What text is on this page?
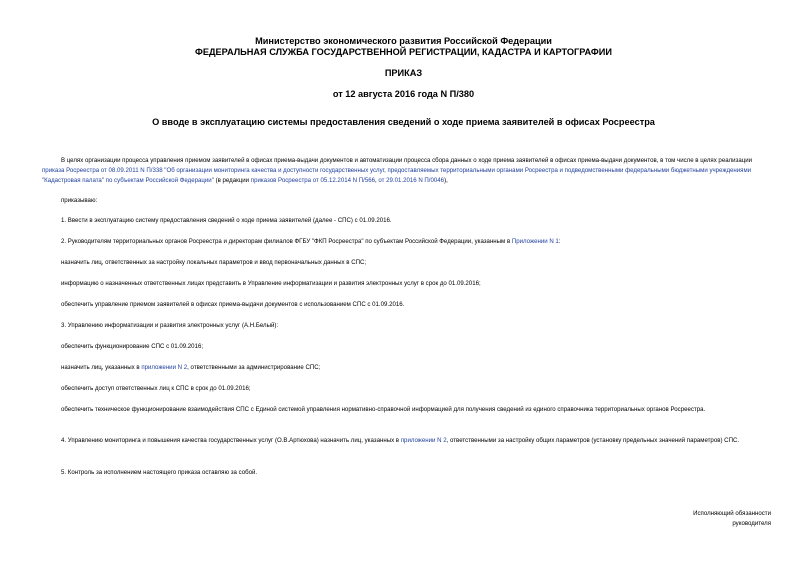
Министерство экономического развития Российской Федерации
ФЕДЕРАЛЬНАЯ СЛУЖБА ГОСУДАРСТВЕННОЙ РЕГИСТРАЦИИ, КАДАСТРА И КАРТОГРАФИИ
ПРИКАЗ
от 12 августа 2016 года N П/380
О вводе в эксплуатацию системы предоставления сведений о ходе приема заявителей в офисах Росреестра
В целях организации процесса управления приемом заявителей в офисах приема-выдачи документов и автоматизации процесса сбора данных о ходе приема заявителей в офисах приема-выдачи документов, в том числе в целях реализации приказа Росреестра от 08.09.2011 N П/338 "Об организации мониторинга качества и доступности государственных услуг, предоставляемых территориальными органами Росреестра и подведомственными федеральными бюджетными учреждениями "Кадастровая палата" по субъектам Российской Федерации" (в редакции приказов Росреестра от 05.12.2014 N П/566, от 29.01.2016 N П/0046),
приказываю:
1. Ввести в эксплуатацию систему предоставления сведений о ходе приема заявителей (далее - СПС) с 01.09.2016.
2. Руководителям территориальных органов Росреестра и директорам филиалов ФГБУ "ФКП Росреестра" по субъектам Российской Федерации, указанным в Приложении N 1:
назначить лиц, ответственных за настройку локальных параметров и ввод первоначальных данных в СПС;
информацию о назначенных ответственных лицах представить в Управление информатизации и развития электронных услуг в срок до 01.09.2016;
обеспечить управление приемом заявителей в офисах приема-выдачи документов с использованием СПС с 01.09.2016.
3. Управлению информатизации и развития электронных услуг (А.Н.Белый):
обеспечить функционирование СПС с 01.09.2016;
назначить лиц, указанных в приложении N 2, ответственными за администрирование СПС;
обеспечить доступ ответственных лиц к СПС в срок до 01.09.2016;
обеспечить техническое функционирование взаимодействия СПС с Единой системой управления нормативно-справочной информацией для получения сведений из единого справочника территориальных органов Росреестра.
4. Управлению мониторинга и повышения качества государственных услуг (О.В.Артюхова) назначить лиц, указанных в приложении N 2, ответственными за настройку общих параметров (установку предельных значений параметров) СПС.
5. Контроль за исполнением настоящего приказа оставляю за собой.
Исполняющий обязанности
руководителя
